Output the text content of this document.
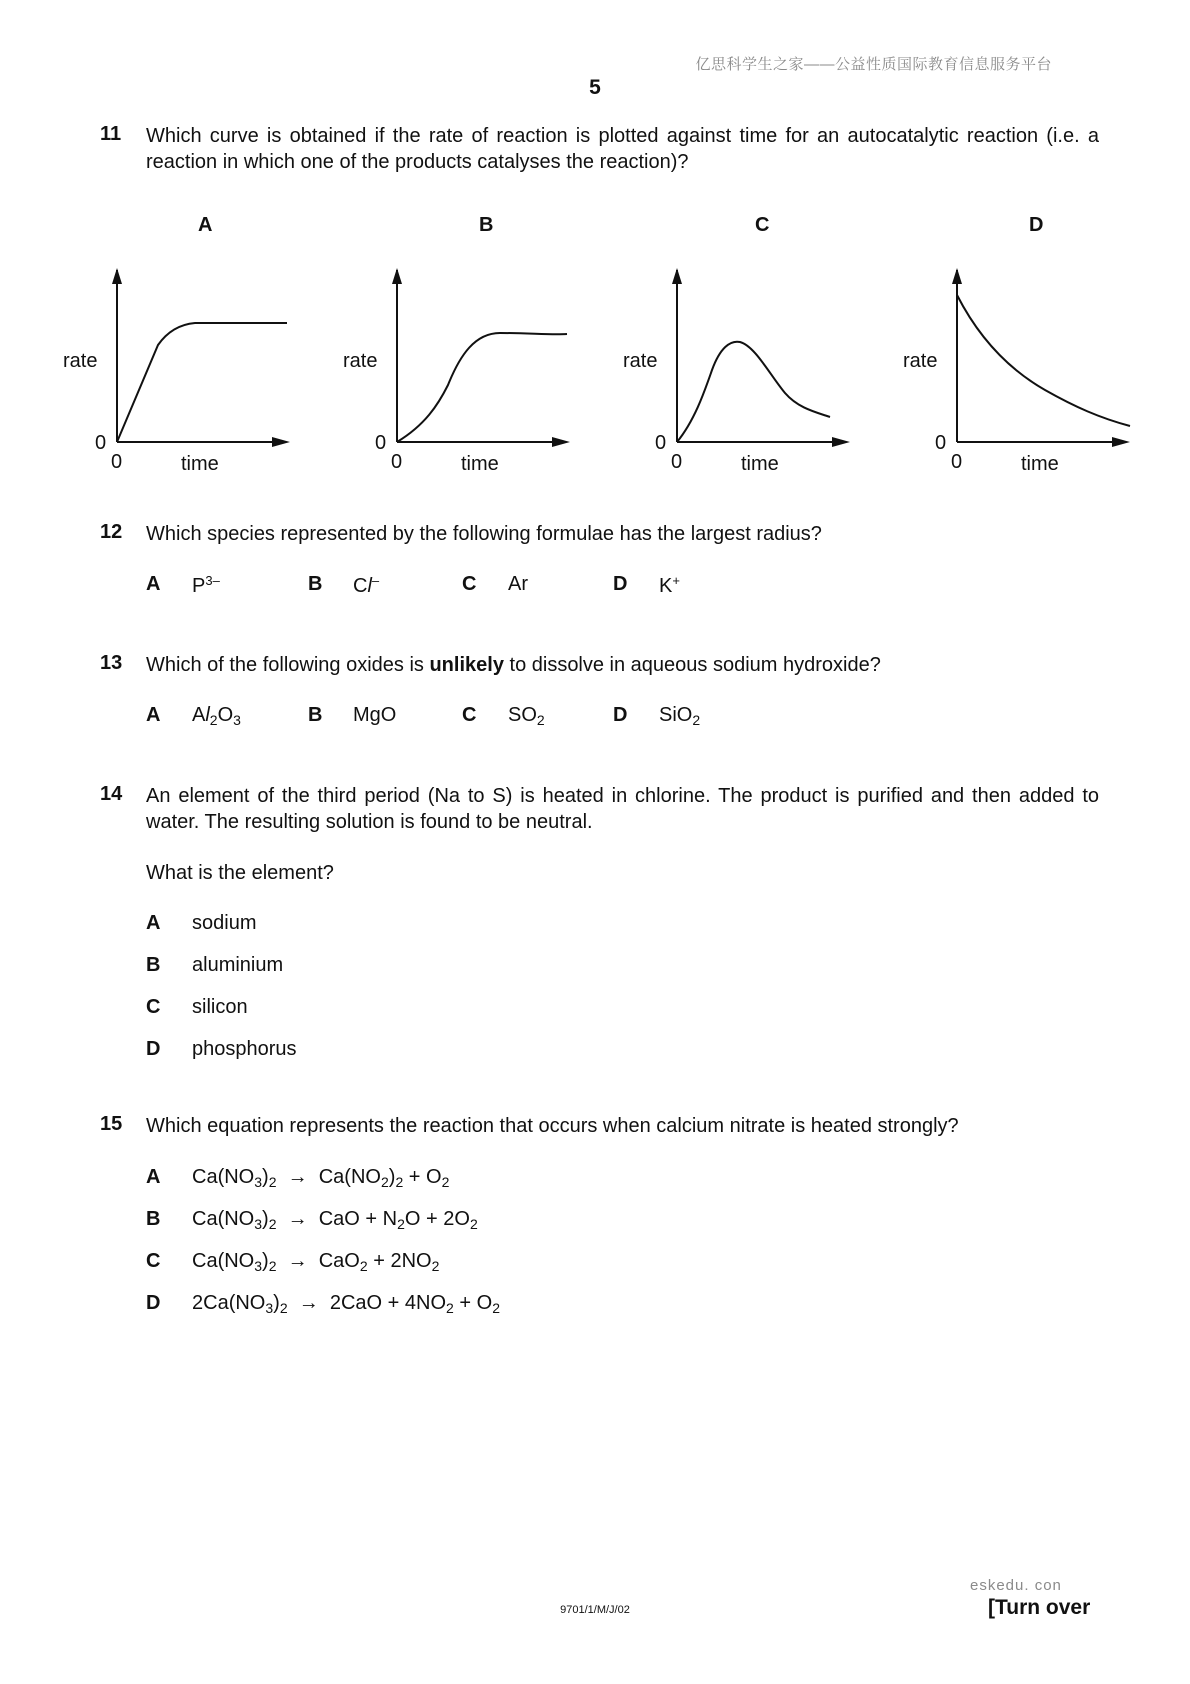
亿思科学生之家——公益性质国际教育信息服务平台
5
11 Which curve is obtained if the rate of reaction is plotted against time for an autocatalytic reaction (i.e. a reaction in which one of the products catalyses the reaction)?
A
rate
0
0	time
B
rate
0
0	time
C
rate
0
0	time
D
rate
0
0	time
12 Which species represented by the following formulae has the largest radius?
A $P^{3-}$	B Cl–	C Ar	D K+
13 Which of the following oxides is unlikely to dissolve in aqueous sodium hydroxide?
A $Al_2O_3$	B MgO	C $SO_2$	D SiO$_2$
14 An element of the third period (Na to S) is heated in chlorine. The product is purified and then added to water. The resulting solution is found to be neutral.
What is the element?
A sodium
B aluminium
C silicon
D phosphorus
15 Which equation represents the reaction that occurs when calcium nitrate is heated strongly?
A $Ca(NO_3)_2 \to Ca(NO_2)_2 + O_2$
B $Ca(NO_3)_2$ →  CaO + $N_2O + 2O_2$
C $Ca(NO_3)_2 \to CaO_2 + 2NO_2$
D $2Ca(NO_3)_2 \to 2CaO + 4NO_2 + O_2$
eskedu. con
9701/1/M/J/02	[Turn over
